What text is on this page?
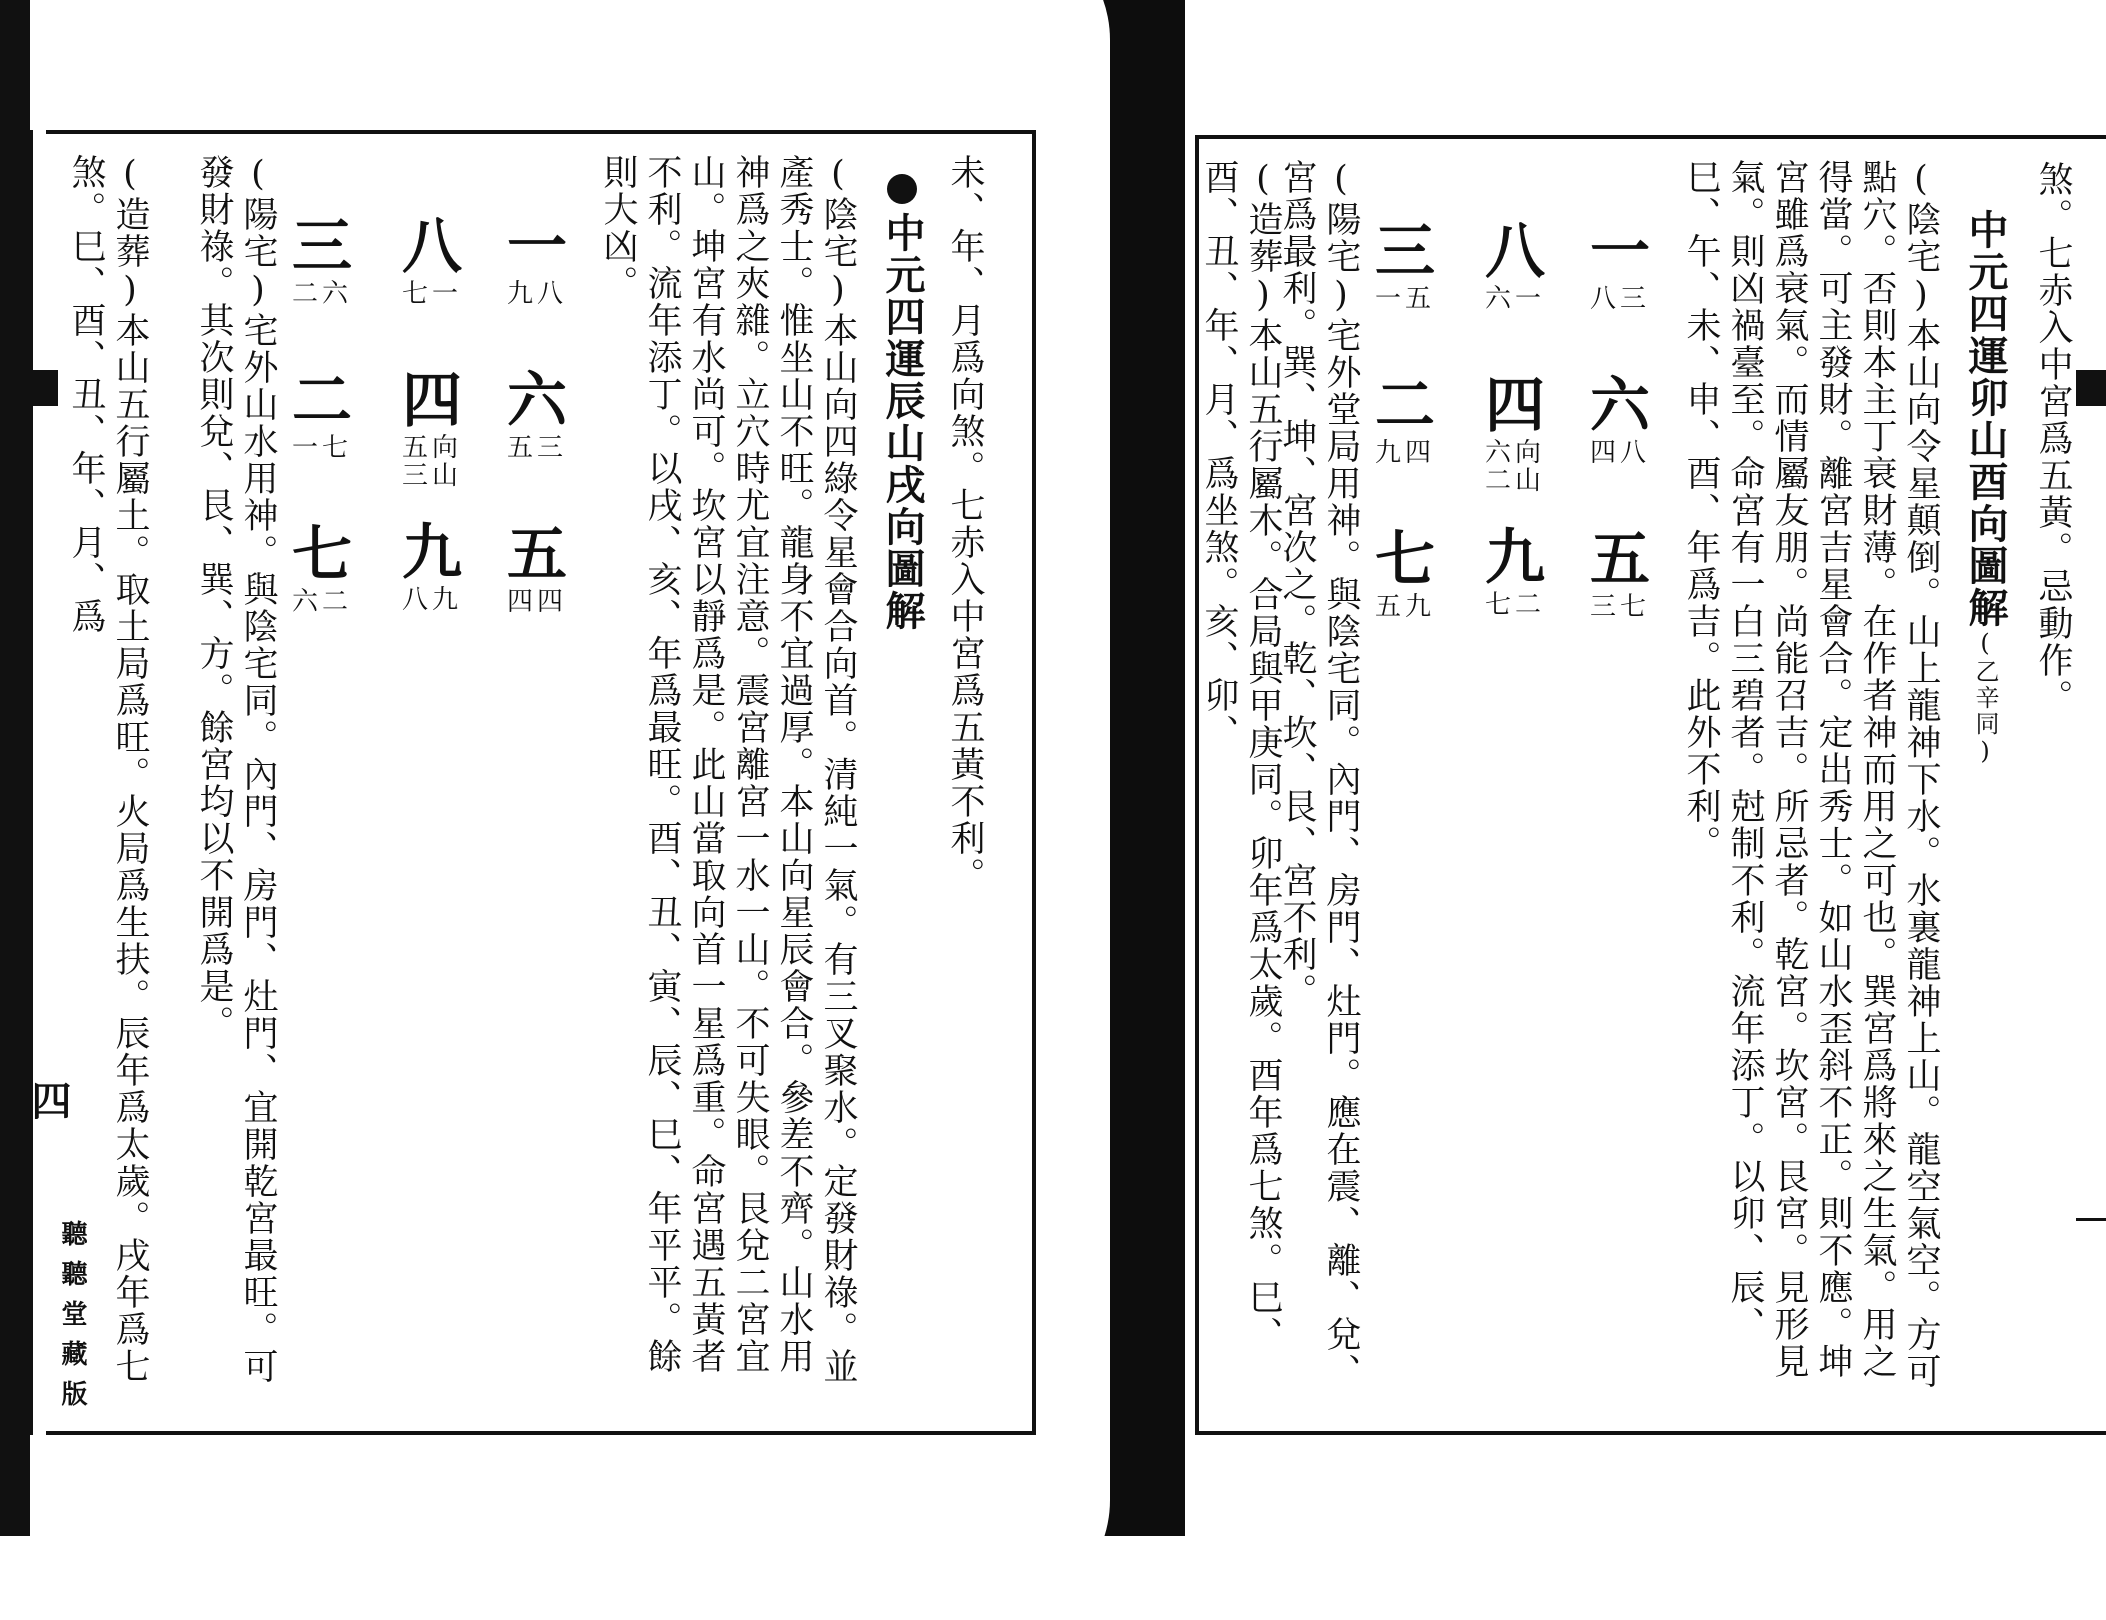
未、年、月爲向煞。七赤入中宮爲五黃不利。
中元四運辰山戌向圖解
(陰宅)本山向四綠令星會合向首。清純一氣。有三叉聚水。定發財祿。並產秀士。惟坐山不旺。龍身不宜過厚。本山向星辰會合。參差不齊。山水用神爲之夾雜。立穴時尤宜注意。震宮離宮一水一山。不可失眼。艮兌二宮宜山。坤宮有水尚可。坎宮以靜爲是。此山當取向首一星爲重。命宮遇五黃者不利。流年添丁。以戌、亥、年爲最旺。酉、丑、寅、辰、巳、年平平。餘則大凶。
一
九八
六
五三
五
四四
八
七一
四
五向
三山
九
八九
三
二六
二
一七
七
六二
(陽宅)宅外山水用神。與陰宅同。內門、房門、灶門、宜開乾宮最旺。可發財祿。其次則兌、艮、巽、方。餘宮均以不開爲是。
(造葬)本山五行屬土。取土局爲旺。火局爲生扶。辰年爲太歲。戌年爲七煞。巳、酉、丑、年、月、爲
四
聽聽堂藏版
煞。七赤入中宮爲五黃。忌動作。
中元四運卯山酉向圖解(乙辛同)
(陰宅)本山向令星顛倒。山上龍神下水。水裏龍神上山。龍空氣空。方可點穴。否則本主丁衰財薄。在作者神而用之可也。巽宮爲將來之生氣。用之得當。可主發財。離宮吉星會合。定出秀士。如山水歪斜不正。則不應。坤宮雖爲衰氣。而情屬友朋。尚能召吉。所忌者。乾宮。坎宮。艮宮。見形見氣。則凶禍臺至。命宮有一白三碧者。尅制不利。流年添丁。以卯、辰、巳、午、未、申、酉、年爲吉。此外不利。
一
八三
六
四八
五
三七
八
六一
四
六向
二山
九
七二
三
一五
二
九四
七
五九
(陽宅)宅外堂局用神。與陰宅同。內門、房門、灶門。應在震、離、兌、宮爲最利。巽、坤、宮次之。乾、坎、艮、宮不利。
(造葬)本山五行屬木。合局與甲庚同。卯年爲太歲。酉年爲七煞。巳、酉、丑、年、月、爲坐煞。亥、卯、
